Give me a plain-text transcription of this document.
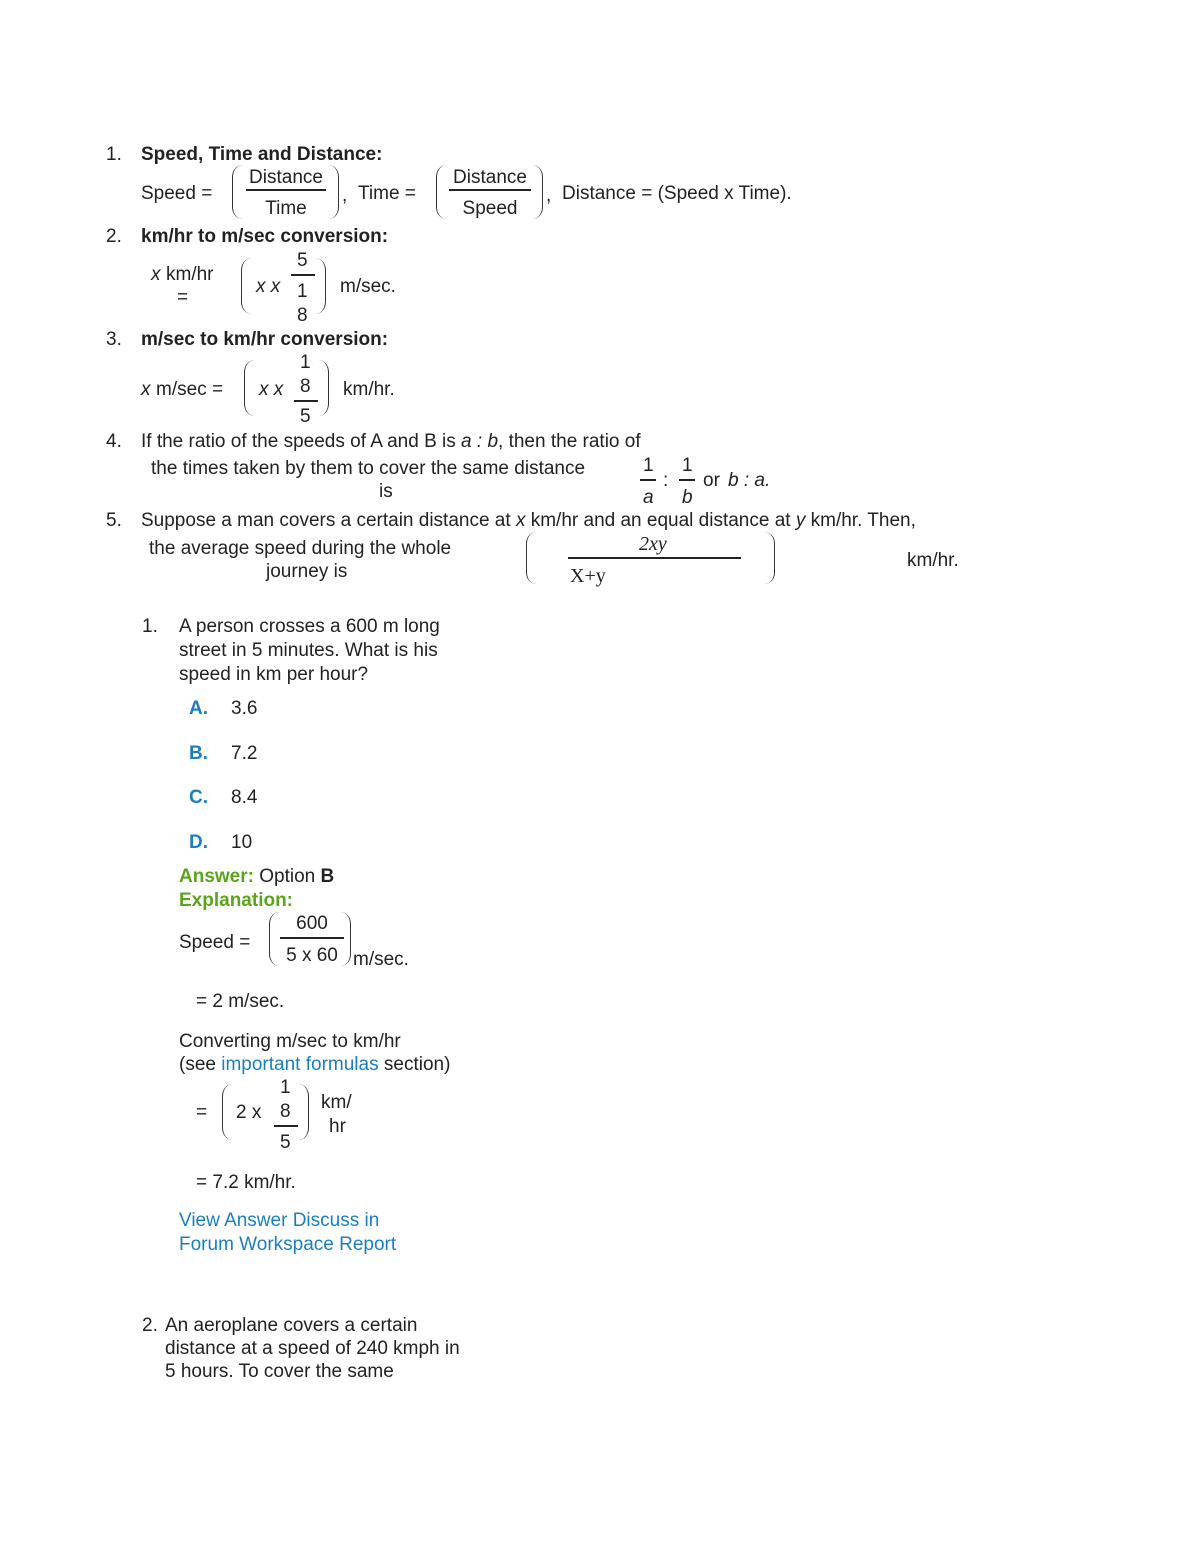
1. Speed, Time and Distance:
Speed =
Distance
Time
, Time =
Distance
Speed
, Distance = (Speed x Time).
2. km/hr to m/sec conversion:
x km/hr
=
x x
5
1
8
m/sec.
3. m/sec to km/hr conversion:
x m/sec = x x
1
8
5
km/hr.
4. If the ratio of the speeds of A and B is a : b, then the ratio of
the times taken by them to cover the same distance
is
1
a
:
1
b
or b : a.
5. Suppose a man covers a certain distance at x km/hr and an equal distance at y km/hr. Then,
the average speed during the whole
journey is
2xy
X+y
km/hr.
1. A person crosses a 600 m long
street in 5 minutes. What is his
speed in km per hour?
A. 3.6
B. 7.2
C. 8.4
D. 10
Answer: Option B
Explanation:
Speed =
600
5 x 60 m/sec.
= 2 m/sec.
Converting m/sec to km/hr
(see important formulas section)
= 2 x
1
8
5
km/
hr
= 7.2 km/hr.
View Answer Discuss in
Forum Workspace Report
2. An aeroplane covers a certain
distance at a speed of 240 kmph in
5 hours. To cover the same
